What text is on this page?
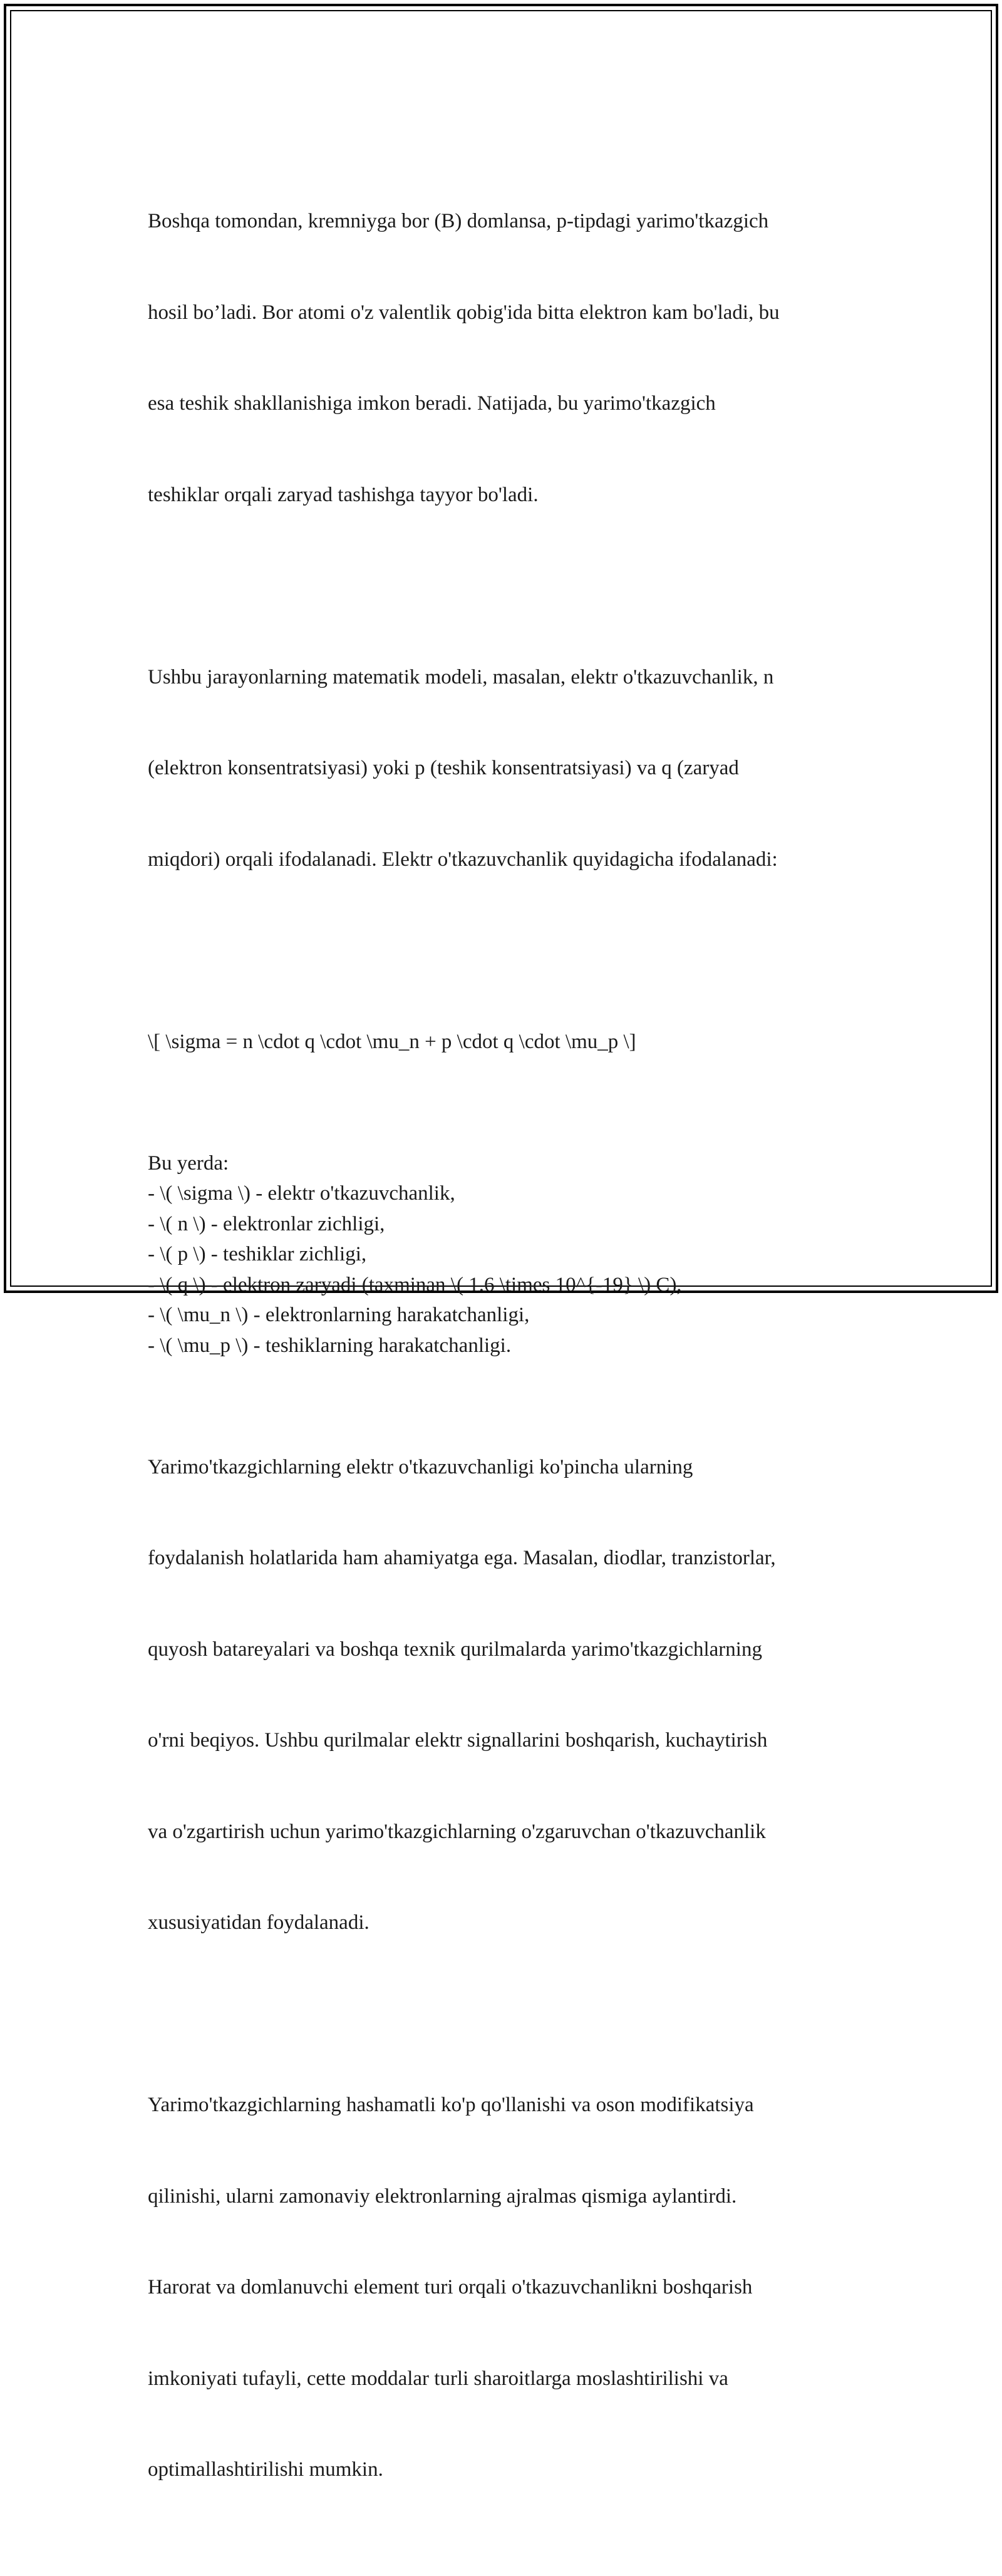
Boshqa tomondan, kremniyga bor (B) domlansa, p-tipdagi yarimo'tkazgich

hosil bo’ladi. Bor atomi o'z valentlik qobig'ida bitta elektron kam bo'ladi, bu

esa teshik shakllanishiga imkon beradi. Natijada, bu yarimo'tkazgich

teshiklar orqali zaryad tashishga tayyor bo'ladi.

Ushbu jarayonlarning matematik modeli, masalan, elektr o'tkazuvchanlik, n

(elektron konsentratsiyasi) yoki p (teshik konsentratsiyasi) va q (zaryad

miqdori) orqali ifodalanadi. Elektr o'tkazuvchanlik quyidagicha ifodalanadi:

\[ \sigma = n \cdot q \cdot \mu_n + p \cdot q \cdot \mu_p \]

Bu yerda:
- \( \sigma \) - elektr o'tkazuvchanlik,
- \( n \) - elektronlar zichligi,
- \( p \) - teshiklar zichligi,
- \( q \) - elektron zaryadi (taxminan \( 1.6 \times 10^{-19} \) C),
- \( \mu_n \) - elektronlarning harakatchanligi,
- \( \mu_p \) - teshiklarning harakatchanligi.

Yarimo'tkazgichlarning elektr o'tkazuvchanligi ko'pincha ularning

foydalanish holatlarida ham ahamiyatga ega. Masalan, diodlar, tranzistorlar,

quyosh batareyalari va boshqa texnik qurilmalarda yarimo'tkazgichlarning

o'rni beqiyos. Ushbu qurilmalar elektr signallarini boshqarish, kuchaytirish

va o'zgartirish uchun yarimo'tkazgichlarning o'zgaruvchan o'tkazuvchanlik

xususiyatidan foydalanadi.

Yarimo'tkazgichlarning hashamatli ko'p qo'llanishi va oson modifikatsiya

qilinishi, ularni zamonaviy elektronlarning ajralmas qismiga aylantirdi.

Harorat va domlanuvchi element turi orqali o'tkazuvchanlikni boshqarish

imkoniyati tufayli, cette moddalar turli sharoitlarga moslashtirilishi va

optimallashtirilishi mumkin.
